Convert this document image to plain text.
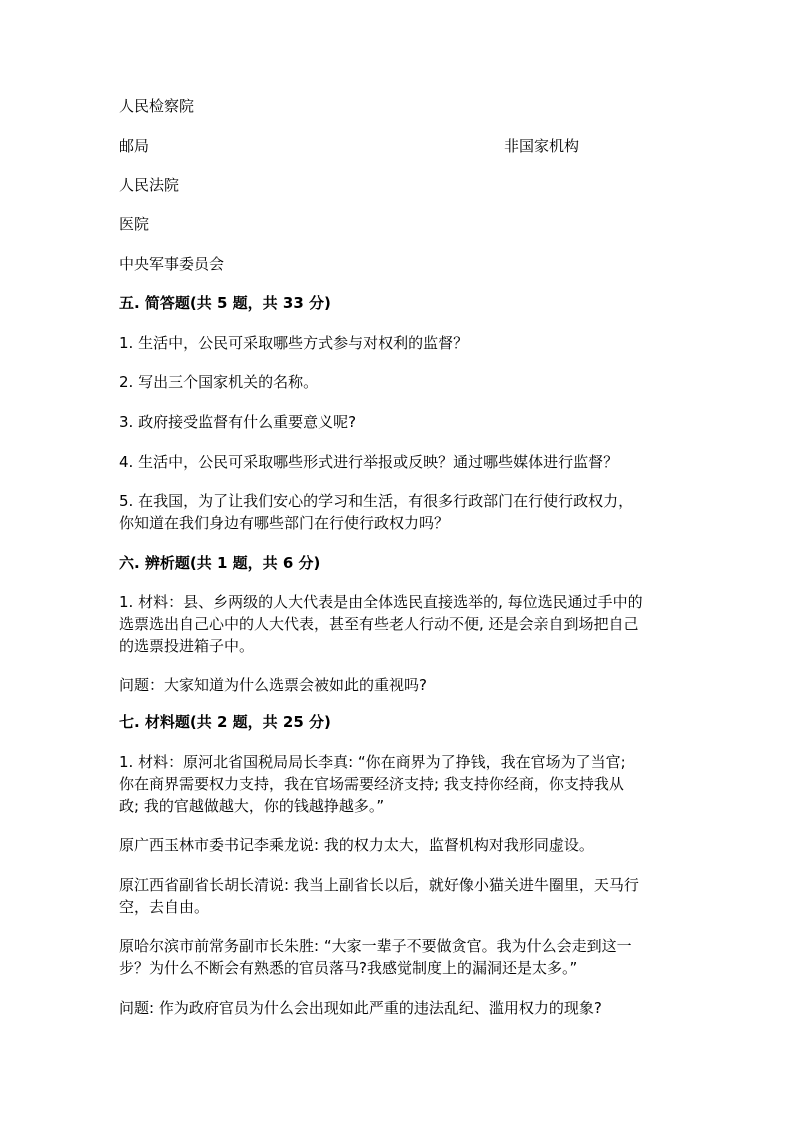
人民检察院
邮局	非国家机构
人民法院
医院
中央军事委员会
五. 简答题(共 5 题，共 33 分)
1. 生活中，公民可采取哪些方式参与对权利的监督？
2. 写出三个国家机关的名称。
3. 政府接受监督有什么重要意义呢?
4. 生活中，公民可采取哪些形式进行举报或反映？通过哪些媒体进行监督？
5. 在我国，为了让我们安心的学习和生活，有很多行政部门在行使行政权力，
你知道在我们身边有哪些部门在行使行政权力吗？
六. 辨析题(共 1 题，共 6 分)
1. 材料：县、乡两级的人大代表是由全体选民直接选举的, 每位选民通过手中的
选票选出自己心中的人大代表，甚至有些老人行动不便, 还是会亲自到场把自己
的选票投进箱子中。
问题：大家知道为什么选票会被如此的重视吗?
七. 材料题(共 2 题，共 25 分)
1. 材料：原河北省国税局局长李真: “你在商界为了挣钱，我在官场为了当官;
你在商界需要权力支持，我在官场需要经济支持; 我支持你经商，你支持我从
政; 我的官越做越大，你的钱越挣越多。”
原广西玉林市委书记李乘龙说: 我的权力太大，监督机构对我形同虚设。
原江西省副省长胡长清说: 我当上副省长以后，就好像小猫关进牛圈里，天马行
空，去自由。
原哈尔滨市前常务副市长朱胜: “大家一辈子不要做贪官。我为什么会走到这一
步？为什么不断会有熟悉的官员落马?我感觉制度上的漏洞还是太多。”
问题: 作为政府官员为什么会出现如此严重的违法乱纪、滥用权力的现象?
